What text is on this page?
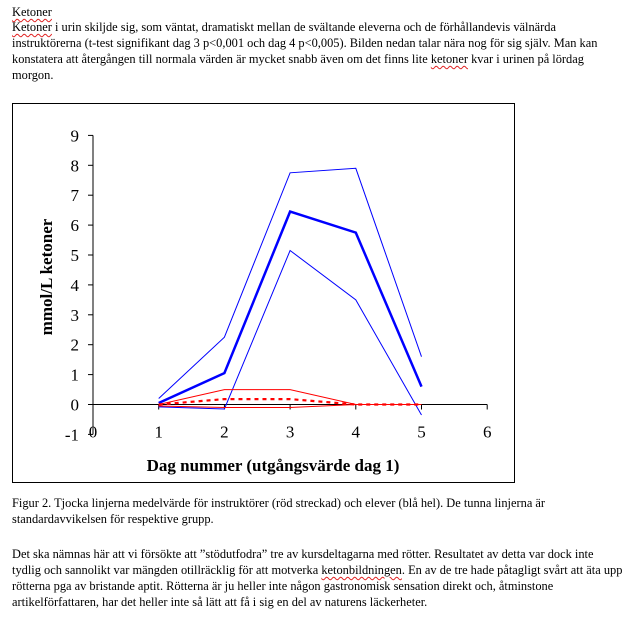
Ketoner
Ketoner i urin skiljde sig, som väntat, dramatiskt mellan de svältande eleverna och de förhållandevis välnärda instruktörerna (t-test signifikant dag 3 p<0,001 och dag 4 p<0,005). Bilden nedan talar nära nog för sig själv. Man kan konstatera att återgången till normala värden är mycket snabb även om det finns lite ketoner kvar i urinen på lördag morgon.
-1
0
1
2
3
4
5
6
7
8
9
0	1	2	3	4	5	6
Dag nummer (utgångsvärde dag 1)
mmol/L ketoner
Figur 2. Tjocka linjerna medelvärde för instruktörer (röd streckad) och elever (blå hel). De tunna linjerna är standardavvikelsen för respektive grupp.
Det ska nämnas här att vi försökte att ”stödutfodra” tre av kursdeltagarna med rötter. Resultatet av detta var dock inte tydlig och sannolikt var mängden otillräcklig för att motverka ketonbildningen. En av de tre hade påtagligt svårt att äta upp rötterna pga av bristande aptit. Rötterna är ju heller inte någon gastronomisk sensation direkt och, åtminstone artikelförfattaren, har det heller inte så lätt att få i sig en del av naturens läckerheter.
